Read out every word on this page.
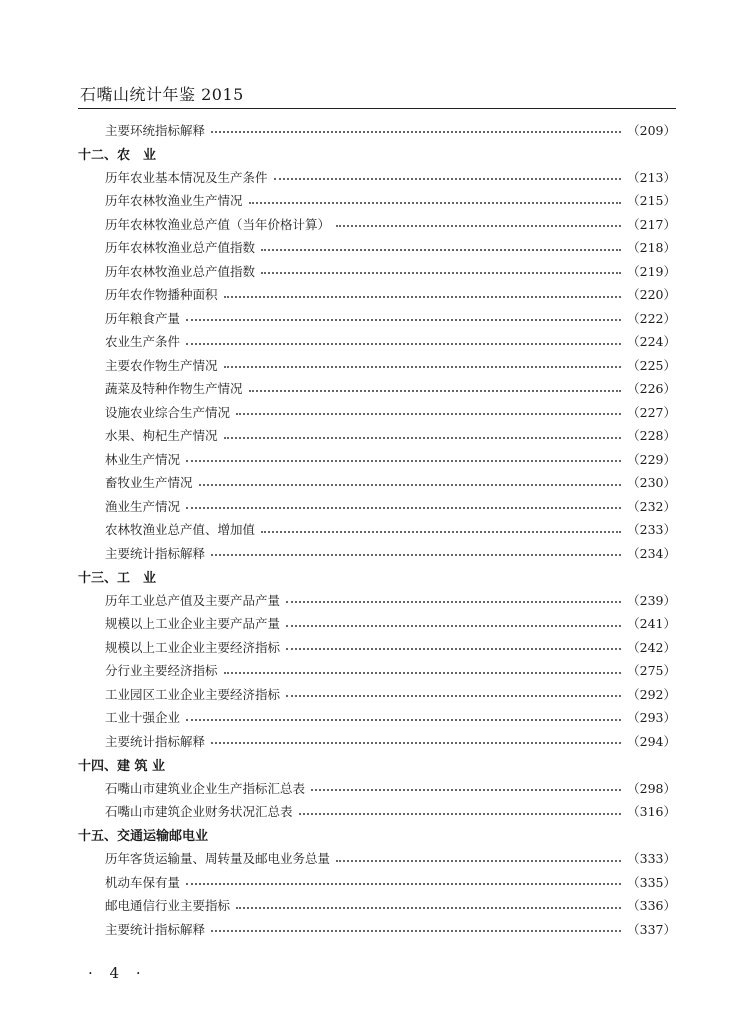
石嘴山统计年鉴 2015
主要环统指标解释	（209）
十二、农　业
历年农业基本情况及生产条件	（213）
历年农林牧渔业生产情况	（215）
历年农林牧渔业总产值（当年价格计算）	（217）
历年农林牧渔业总产值指数	（218）
历年农林牧渔业总产值指数	（219）
历年农作物播种面积	（220）
历年粮食产量	（222）
农业生产条件	（224）
主要农作物生产情况	（225）
蔬菜及特种作物生产情况	（226）
设施农业综合生产情况	（227）
水果、枸杞生产情况	（228）
林业生产情况	（229）
畜牧业生产情况	（230）
渔业生产情况	（232）
农林牧渔业总产值、增加值	（233）
主要统计指标解释	（234）
十三、工　业
历年工业总产值及主要产品产量	（239）
规模以上工业企业主要产品产量	（241）
规模以上工业企业主要经济指标	（242）
分行业主要经济指标	（275）
工业园区工业企业主要经济指标	（292）
工业十强企业	（293）
主要统计指标解释	（294）
十四、建 筑 业
石嘴山市建筑业企业生产指标汇总表	（298）
石嘴山市建筑企业财务状况汇总表	（316）
十五、交通运输邮电业
历年客货运输量、周转量及邮电业务总量	（333）
机动车保有量	（335）
邮电通信行业主要指标	（336）
主要统计指标解释	（337）
· 4 ·
